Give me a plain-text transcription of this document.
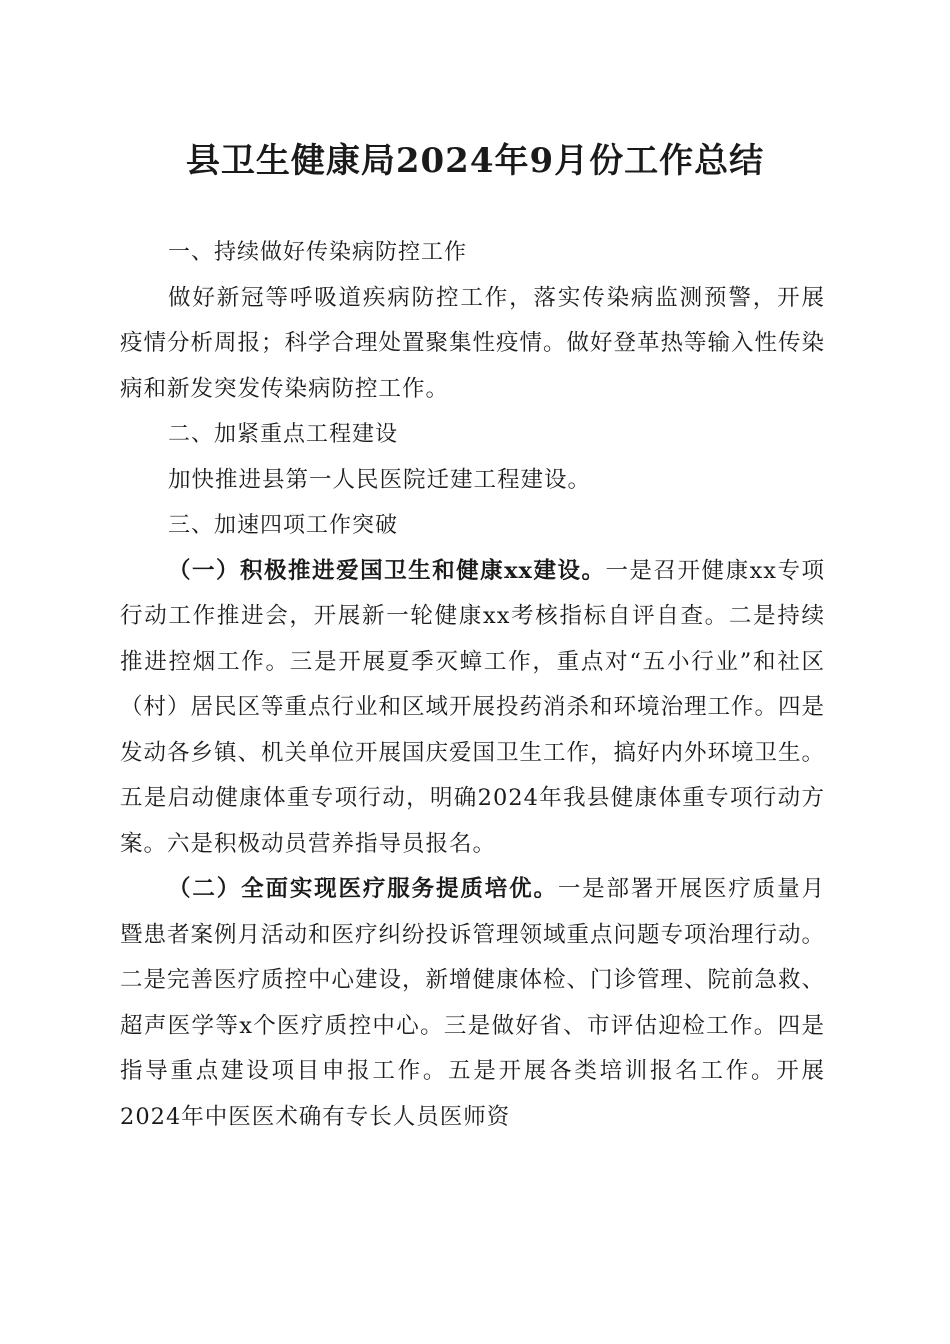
县卫生健康局2024年9月份工作总结

一、持续做好传染病防控工作

做好新冠等呼吸道疾病防控工作，落实传染病监测预警，开展疫情分析周报；科学合理处置聚集性疫情。做好登革热等输入性传染病和新发突发传染病防控工作。

二、加紧重点工程建设

加快推进县第一人民医院迁建工程建设。

三、加速四项工作突破

（一）积极推进爱国卫生和健康xx建设。一是召开健康xx专项行动工作推进会，开展新一轮健康xx考核指标自评自查。二是持续推进控烟工作。三是开展夏季灭蟑工作，重点对“五小行业”和社区（村）居民区等重点行业和区域开展投药消杀和环境治理工作。四是发动各乡镇、机关单位开展国庆爱国卫生工作，搞好内外环境卫生。五是启动健康体重专项行动，明确2024年我县健康体重专项行动方案。六是积极动员营养指导员报名。

（二）全面实现医疗服务提质培优。一是部署开展医疗质量月暨患者案例月活动和医疗纠纷投诉管理领域重点问题专项治理行动。二是完善医疗质控中心建设，新增健康体检、门诊管理、院前急救、超声医学等x个医疗质控中心。三是做好省、市评估迎检工作。四是指导重点建设项目申报工作。五是开展各类培训报名工作。开展2024年中医医术确有专长人员医师资
